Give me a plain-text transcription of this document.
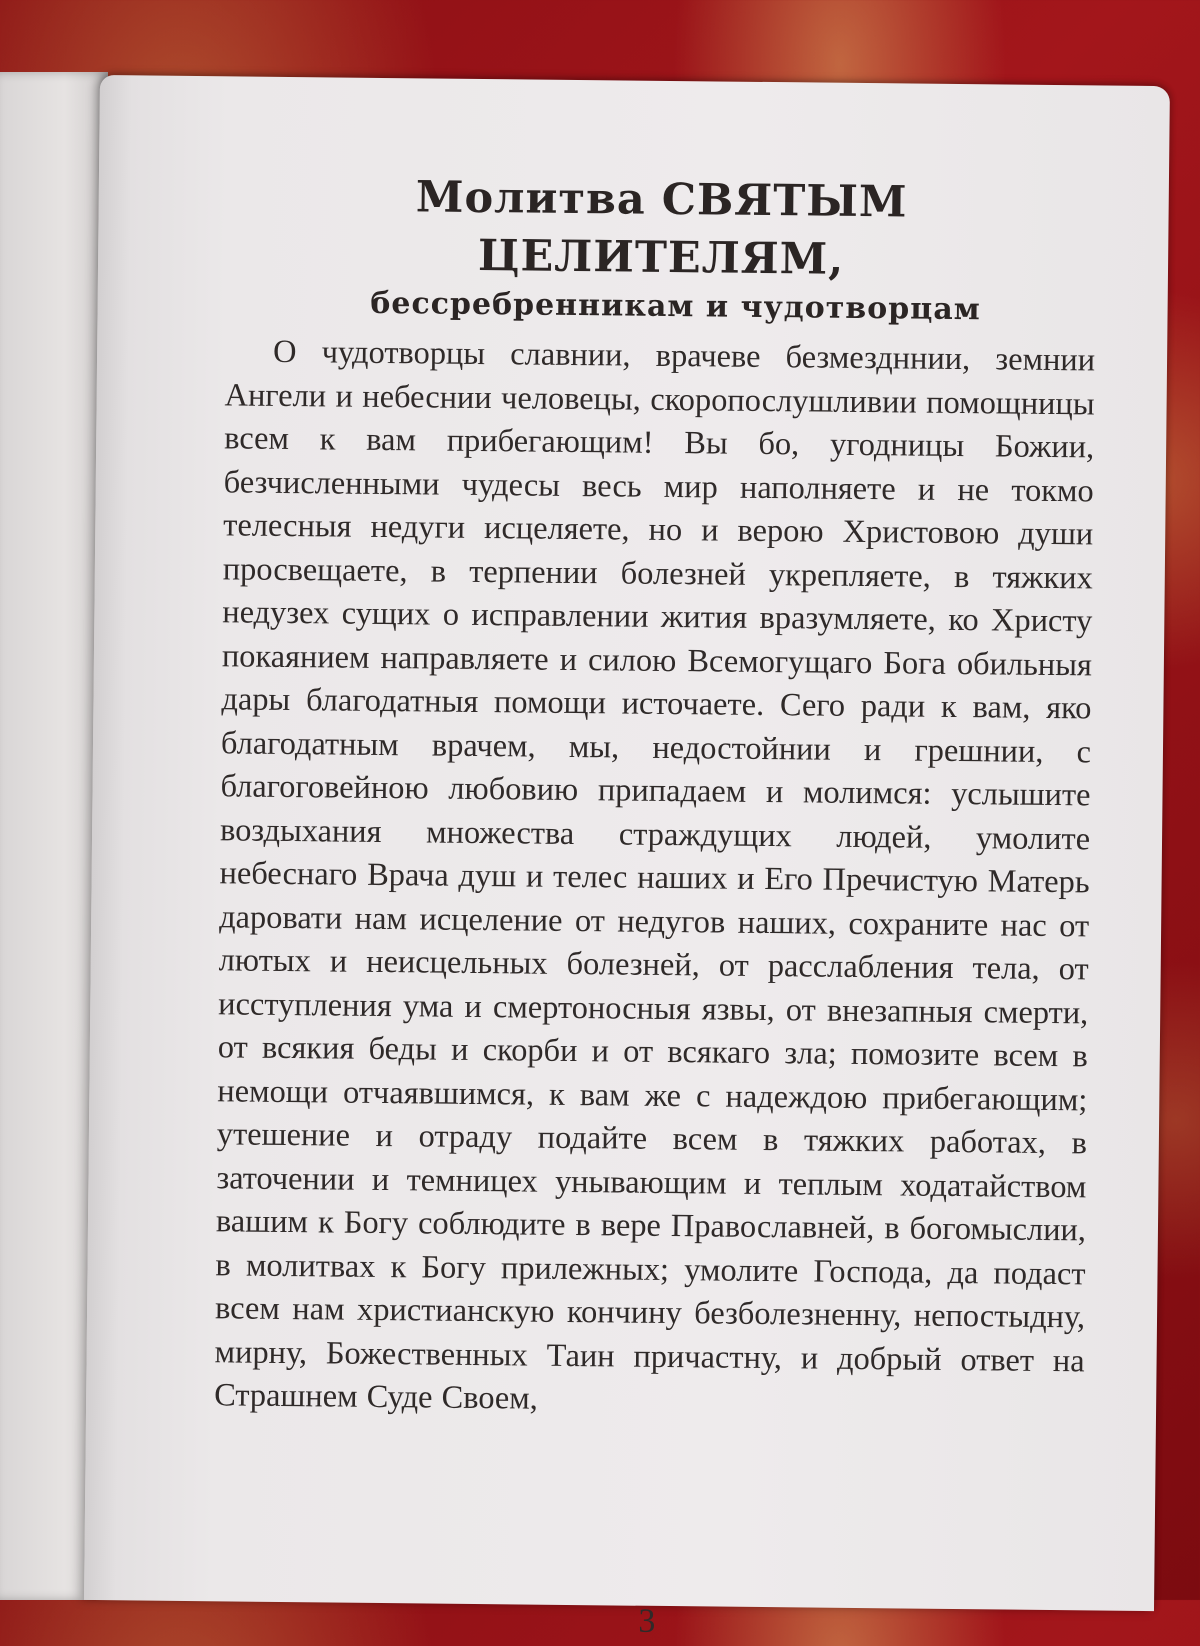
Молитва СВЯТЫМ ЦЕЛИТЕЛЯМ,
бессребренникам и чудотворцам

О чудотворцы славнии, врачеве безмездннии, земнии Ангели и небеснии человецы, скоропослушливии помощницы всем к вам прибегающим! Вы бо, угодницы Божии, безчисленными чудесы весь мир наполняете и не токмо телесныя недуги исцеляете, но и верою Христовою души просвещаете, в терпении болезней укрепляете, в тяжких недузех сущих о исправлении жития вразумляете, ко Христу покаянием направляете и силою Всемогущаго Бога обильныя дары благодатныя помощи источаете. Сего ради к вам, яко благодатным врачем, мы, недостойнии и грешнии, с благоговейною любовию припадаем и молимся: услышите воздыхания множества страждущих людей, умолите небеснаго Врача душ и телес наших и Его Пречистую Матерь даровати нам исцеление от недугов наших, сохраните нас от лютых и неисцельных болезней, от расслабления тела, от исступления ума и смертоносныя язвы, от внезапныя смерти, от всякия беды и скорби и от всякаго зла; помозите всем в немощи отчаявшимся, к вам же с надеждою прибегающим; утешение и отраду подайте всем в тяжких работах, в заточении и темницех унывающим и теплым ходатайством вашим к Богу соблюдите в вере Православней, в богомыслии, в молитвах к Богу прилежных; умолите Господа, да подаст всем нам христианскую кончину безболезненну, непостыдну, мирну, Божественных Таин причастну, и добрый ответ на Страшнем Суде Своем,

3
